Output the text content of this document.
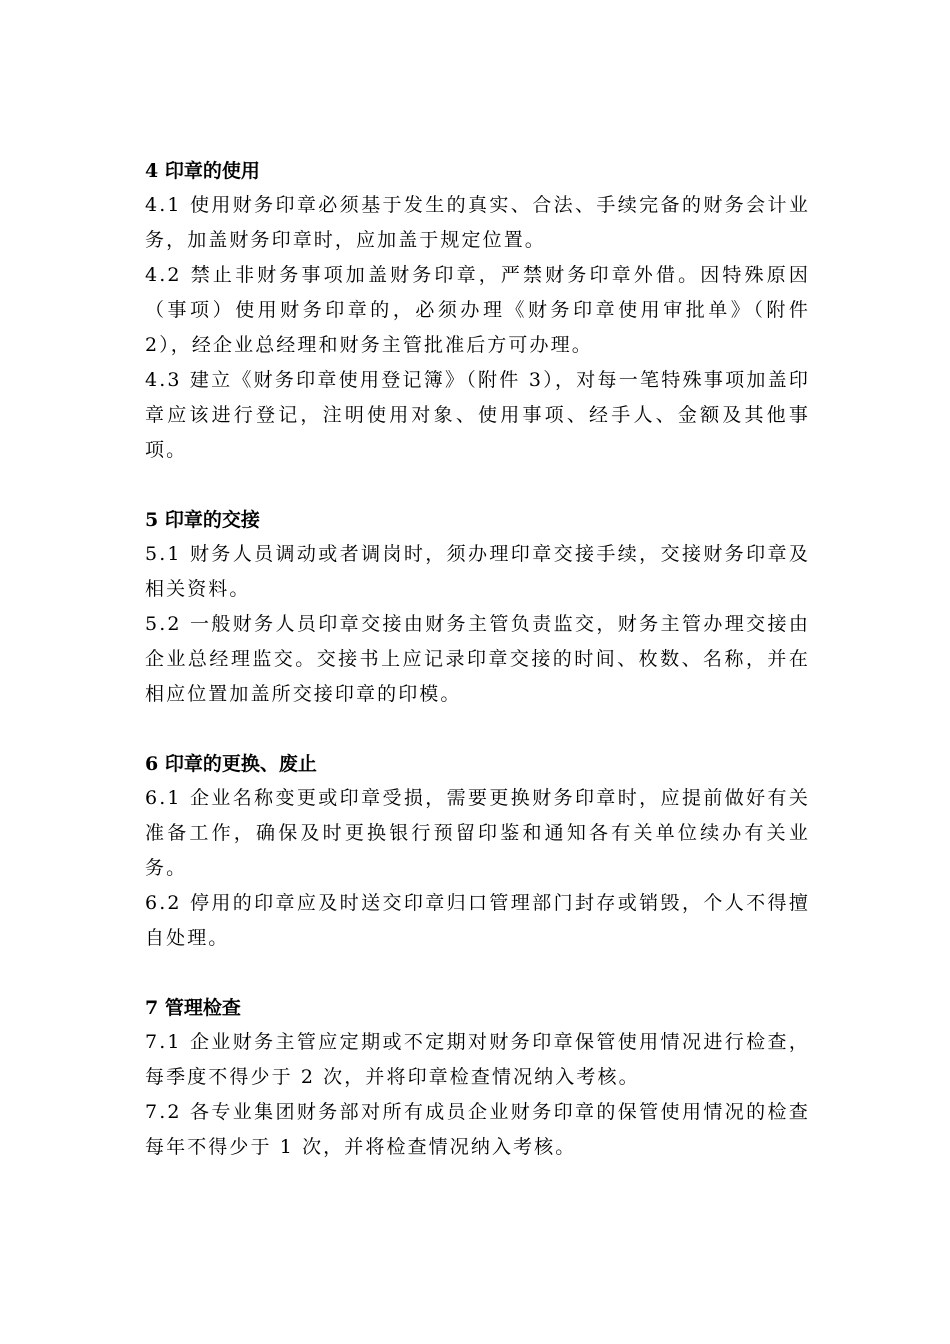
4 印章的使用

4.1 使用财务印章必须基于发生的真实、合法、手续完备的财务会计业务，加盖财务印章时，应加盖于规定位置。

4.2 禁止非财务事项加盖财务印章，严禁财务印章外借。因特殊原因（事项）使用财务印章的，必须办理《财务印章使用审批单》（附件 2），经企业总经理和财务主管批准后方可办理。

4.3 建立《财务印章使用登记簿》（附件 3），对每一笔特殊事项加盖印章应该进行登记，注明使用对象、使用事项、经手人、金额及其他事项。

5 印章的交接

5.1 财务人员调动或者调岗时，须办理印章交接手续，交接财务印章及相关资料。

5.2 一般财务人员印章交接由财务主管负责监交，财务主管办理交接由企业总经理监交。交接书上应记录印章交接的时间、枚数、名称，并在相应位置加盖所交接印章的印模。

6 印章的更换、废止

6.1 企业名称变更或印章受损，需要更换财务印章时，应提前做好有关准备工作，确保及时更换银行预留印鉴和通知各有关单位续办有关业务。

6.2 停用的印章应及时送交印章归口管理部门封存或销毁，个人不得擅自处理。

7 管理检查

7.1 企业财务主管应定期或不定期对财务印章保管使用情况进行检查，每季度不得少于 2 次，并将印章检查情况纳入考核。

7.2 各专业集团财务部对所有成员企业财务印章的保管使用情况的检查每年不得少于 1 次，并将检查情况纳入考核。
